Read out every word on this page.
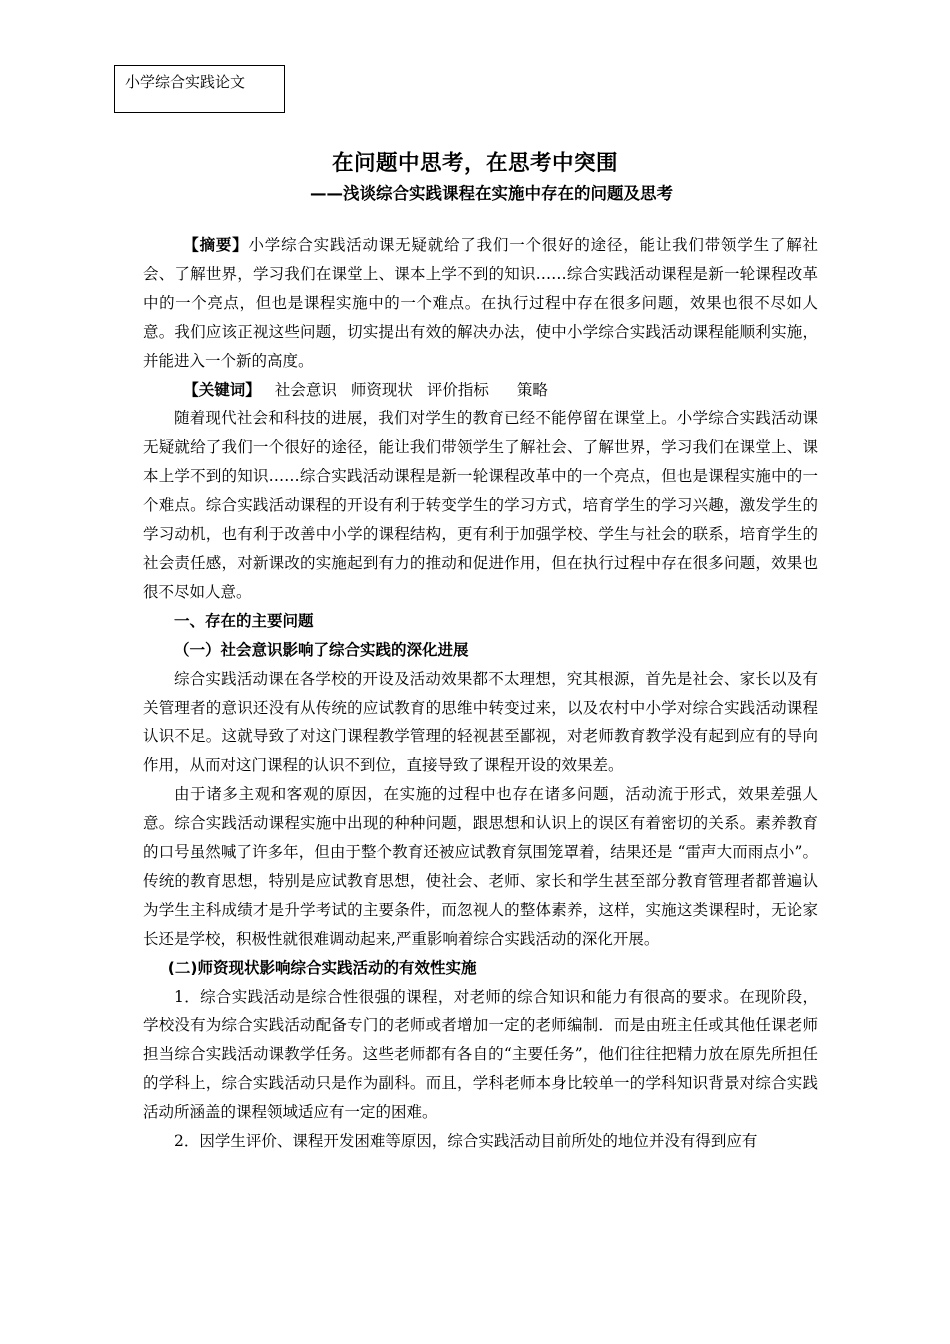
小学综合实践论文
在问题中思考，在思考中突围
——浅谈综合实践课程在实施中存在的问题及思考

【摘要】小学综合实践活动课无疑就给了我们一个很好的途径，能让我们带领学生了解社会、了解世界，学习我们在课堂上、课本上学不到的知识……综合实践活动课程是新一轮课程改革中的一个亮点，但也是课程实施中的一个难点。在执行过程中存在很多问题，效果也很不尽如人意。我们应该正视这些问题，切实提出有效的解决办法，使中小学综合实践活动课程能顺利实施，并能进入一个新的高度。

【关键词】 社会意识 师资现状 评价指标 策略

随着现代社会和科技的进展，我们对学生的教育已经不能停留在课堂上。小学综合实践活动课无疑就给了我们一个很好的途径，能让我们带领学生了解社会、了解世界，学习我们在课堂上、课本上学不到的知识……综合实践活动课程是新一轮课程改革中的一个亮点，但也是课程实施中的一个难点。综合实践活动课程的开设有利于转变学生的学习方式，培育学生的学习兴趣，激发学生的学习动机，也有利于改善中小学的课程结构，更有利于加强学校、学生与社会的联系，培育学生的社会责任感，对新课改的实施起到有力的推动和促进作用，但在执行过程中存在很多问题，效果也很不尽如人意。

一、存在的主要问题
（一）社会意识影响了综合实践的深化进展

综合实践活动课在各学校的开设及活动效果都不太理想，究其根源，首先是社会、家长以及有关管理者的意识还没有从传统的应试教育的思维中转变过来，以及农村中小学对综合实践活动课程认识不足。这就导致了对这门课程教学管理的轻视甚至鄙视，对老师教育教学没有起到应有的导向作用，从而对这门课程的认识不到位，直接导致了课程开设的效果差。

由于诸多主观和客观的原因，在实施的过程中也存在诸多问题，活动流于形式，效果差强人意。综合实践活动课程实施中出现的种种问题，跟思想和认识上的误区有着密切的关系。素养教育的口号虽然喊了许多年，但由于整个教育还被应试教育氛围笼罩着，结果还是 “雷声大而雨点小”。传统的教育思想，特别是应试教育思想，使社会、老师、家长和学生甚至部分教育管理者都普遍认为学生主科成绩才是升学考试的主要条件，而忽视人的整体素养，这样，实施这类课程时，无论家长还是学校，积极性就很难调动起来,严重影响着综合实践活动的深化开展。

(二)师资现状影响综合实践活动的有效性实施

1．综合实践活动是综合性很强的课程，对老师的综合知识和能力有很高的要求。在现阶段，学校没有为综合实践活动配备专门的老师或者增加一定的老师编制．而是由班主任或其他任课老师担当综合实践活动课教学任务。这些老师都有各自的“主要任务”，他们往往把精力放在原先所担任的学科上，综合实践活动只是作为副科。而且，学科老师本身比较单一的学科知识背景对综合实践活动所涵盖的课程领域适应有一定的困难。

2．因学生评价、课程开发困难等原因，综合实践活动目前所处的地位并没有得到应有
